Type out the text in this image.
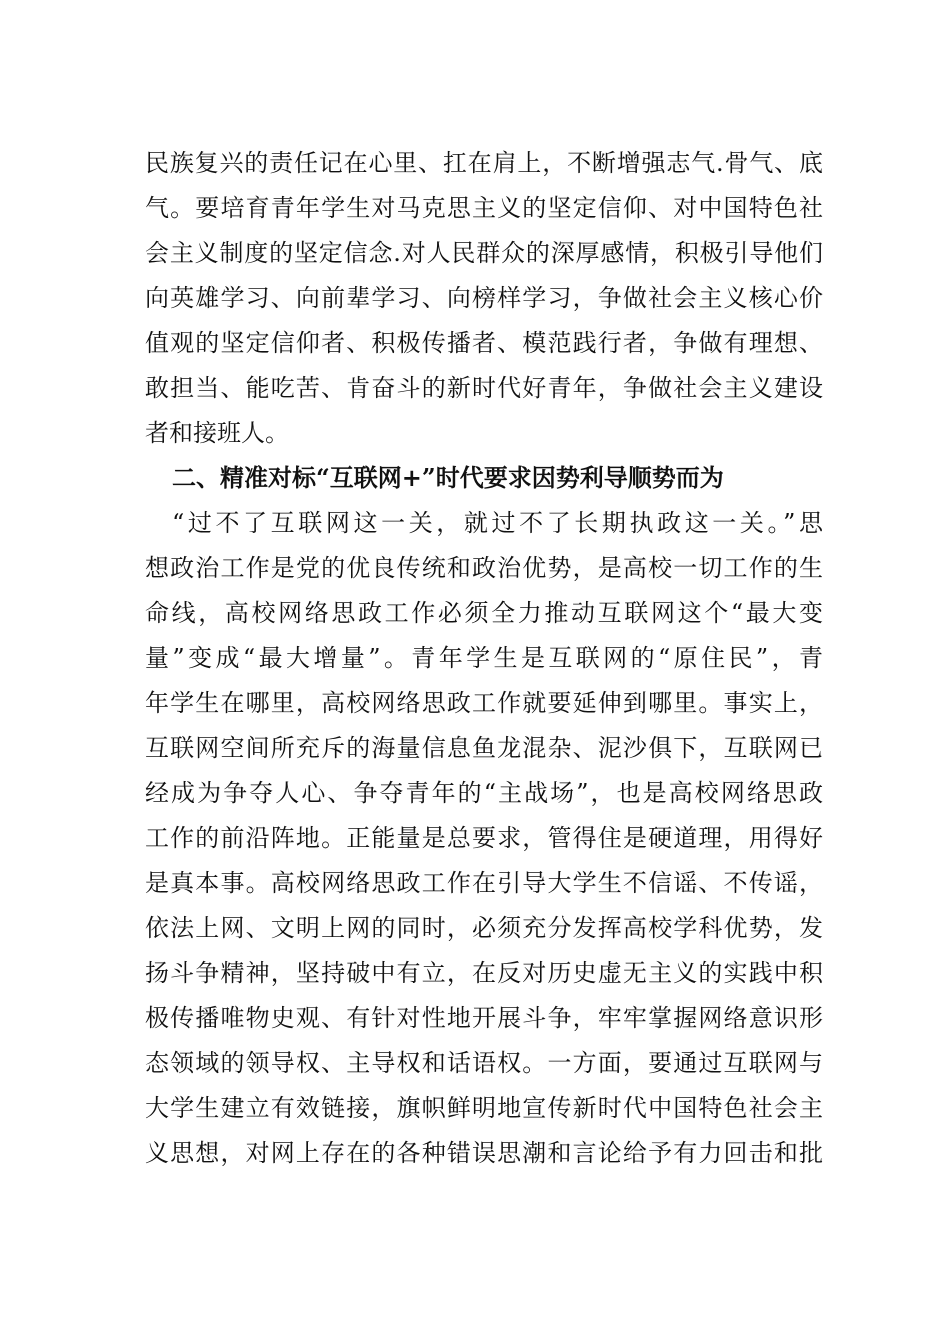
民族复兴的责任记在心里、扛在肩上，不断增强志气.骨气、底
气。要培育青年学生对马克思主义的坚定信仰、对中国特色社
会主义制度的坚定信念.对人民群众的深厚感情，积极引导他们
向英雄学习、向前辈学习、向榜样学习，争做社会主义核心价
值观的坚定信仰者、积极传播者、模范践行者，争做有理想、
敢担当、能吃苦、肯奋斗的新时代好青年，争做社会主义建设
者和接班人。
二、精准对标“互联网+”时代要求因势利导顺势而为
“过不了互联网这一关，就过不了长期执政这一关。”思
想政治工作是党的优良传统和政治优势，是高校一切工作的生
命线，高校网络思政工作必须全力推动互联网这个“最大变
量”变成“最大增量”。青年学生是互联网的“原住民”，青
年学生在哪里，高校网络思政工作就要延伸到哪里。事实上，
互联网空间所充斥的海量信息鱼龙混杂、泥沙俱下，互联网已
经成为争夺人心、争夺青年的“主战场”，也是高校网络思政
工作的前沿阵地。正能量是总要求，管得住是硬道理，用得好
是真本事。高校网络思政工作在引导大学生不信谣、不传谣，
依法上网、文明上网的同时，必须充分发挥高校学科优势，发
扬斗争精神，坚持破中有立，在反对历史虚无主义的实践中积
极传播唯物史观、有针对性地开展斗争，牢牢掌握网络意识形
态领域的领导权、主导权和话语权。一方面，要通过互联网与
大学生建立有效链接，旗帜鲜明地宣传新时代中国特色社会主
义思想，对网上存在的各种错误思潮和言论给予有力回击和批
